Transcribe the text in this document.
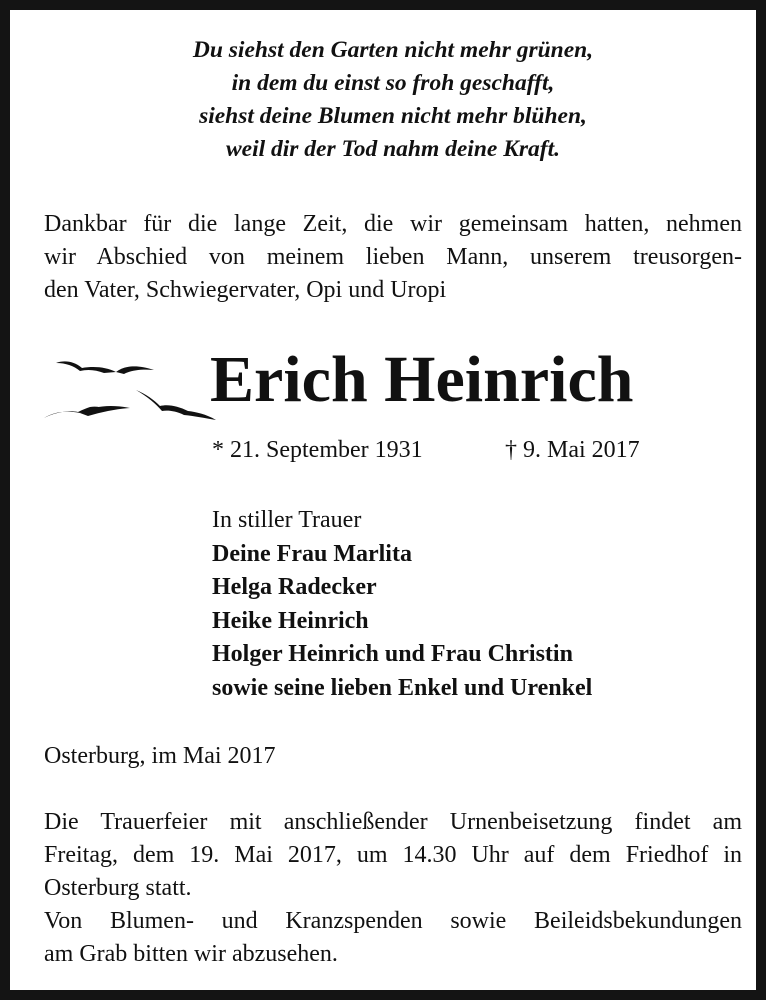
Du siehst den Garten nicht mehr grünen,
in dem du einst so froh geschafft,
siehst deine Blumen nicht mehr blühen,
weil dir der Tod nahm deine Kraft.
Dankbar für die lange Zeit, die wir gemeinsam hatten, nehmen
wir Abschied von meinem lieben Mann, unserem treusorgen-
den Vater, Schwiegervater, Opi und Uropi
Erich Heinrich
* 21. September 1931	† 9. Mai 2017
In stiller Trauer
Deine Frau Marlita
Helga Radecker
Heike Heinrich
Holger Heinrich und Frau Christin
sowie seine lieben Enkel und Urenkel
Osterburg, im Mai 2017
Die Trauerfeier mit anschließender Urnenbeisetzung findet am
Freitag, dem 19. Mai 2017, um 14.30 Uhr auf dem Friedhof in
Osterburg statt.
Von Blumen- und Kranzspenden sowie Beileidsbekundungen
am Grab bitten wir abzusehen.
